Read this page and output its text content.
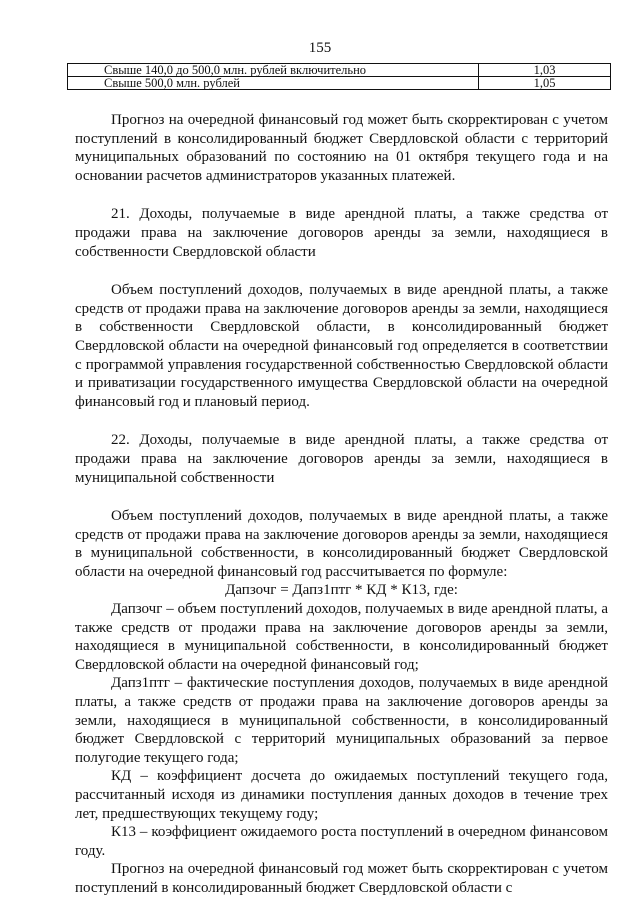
155
Свыше 140,0 до 500,0 млн. рублей включительно	1,03
Свыше 500,0 млн. рублей	1,05

Прогноз на очередной финансовый год может быть скорректирован с учетом поступлений в консолидированный бюджет Свердловской области с территорий муниципальных образований по состоянию на 01 октября текущего года и на основании расчетов администраторов указанных платежей.

21. Доходы, получаемые в виде арендной платы, а также средства от продажи права на заключение договоров аренды за земли, находящиеся в собственности Свердловской области

Объем поступлений доходов, получаемых в виде арендной платы, а также средств от продажи права на заключение договоров аренды за земли, находящиеся в собственности Свердловской области, в консолидированный бюджет Свердловской области на очередной финансовый год определяется в соответствии с программой управления государственной собственностью Свердловской области и приватизации государственного имущества Свердловской области на очередной финансовый год и плановый период.

22. Доходы, получаемые в виде арендной платы, а также средства от продажи права на заключение договоров аренды за земли, находящиеся в муниципальной собственности

Объем поступлений доходов, получаемых в виде арендной платы, а также средств от продажи права на заключение договоров аренды за земли, находящиеся в муниципальной собственности, в консолидированный бюджет Свердловской области на очередной финансовый год рассчитывается по формуле:

Дапзочг = Дапз1птг * КД * К13, где:

Дапзочг – объем поступлений доходов, получаемых в виде арендной платы, а также средств от продажи права на заключение договоров аренды за земли, находящиеся в муниципальной собственности, в консолидированный бюджет Свердловской области на очередной финансовый год;

Дапз1птг – фактические поступления доходов, получаемых в виде арендной платы, а также средств от продажи права на заключение договоров аренды за земли, находящиеся в муниципальной собственности, в консолидированный бюджет Свердловской с территорий муниципальных образований за первое полугодие текущего года;

КД – коэффициент досчета до ожидаемых поступлений текущего года, рассчитанный исходя из динамики поступления данных доходов в течение трех лет, предшествующих текущему году;

К13 – коэффициент ожидаемого роста поступлений в очередном финансовом году.

Прогноз на очередной финансовый год может быть скорректирован с учетом поступлений в консолидированный бюджет Свердловской области с
